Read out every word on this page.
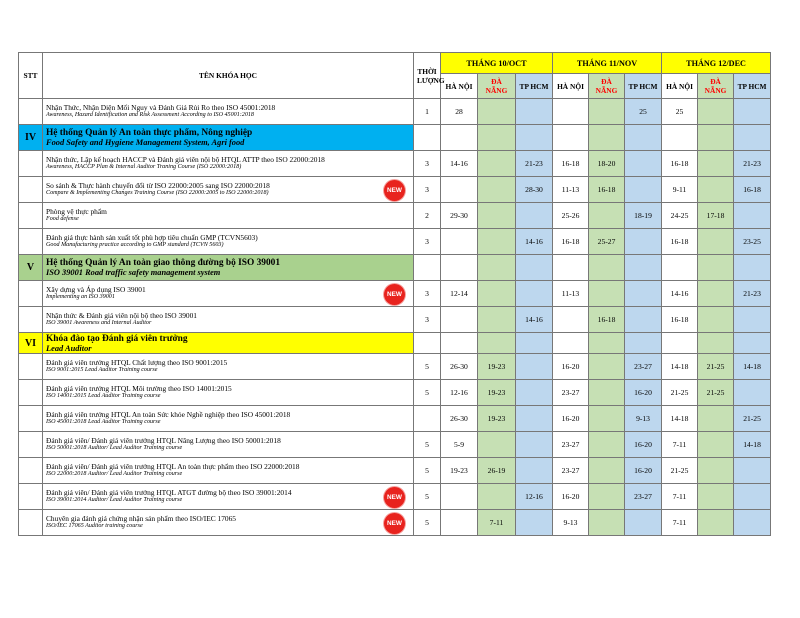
STT	TÊN KHÓA HỌC	THỜI
LƯỢNG	THÁNG 10/OCT			THÁNG 11/NOV			THÁNG 12/DEC		
			HÀ NỘI	ĐÀ NẴNG	TP HCM	HÀ NỘI	ĐÀ NẴNG	TP HCM	HÀ NỘI	ĐÀ NẴNG	TP HCM

	Nhận Thức, Nhận Diện Mối Nguy và Đánh Giá Rủi Ro theo ISO 45001:2018
Awareness, Hazard Identification and Risk Assessment According to ISO 45001:2018	1	28					25	25		
IV	Hệ thống Quản lý An toàn thực phẩm, Nông nghiệp
Food Safety and Hygiene Management System, Agri food										

	Nhận thức, Lập kế hoạch HACCP và Đánh giá viên nội bộ HTQL ATTP theo ISO 22000:2018
Awareness, HACCP Plan & Internal Auditor Traning Course (ISO 22000:2018)	3	14-16		21-23	16-18	18-20		16-18		21-23

	So sánh & Thực hành chuyển đổi từ ISO 22000:2005 sang ISO 22000:2018
Compare & Implementing Changes Training Course (ISO 22000:2005 to ISO 22000:2018) NEW	3			28-30	11-13	16-18		9-11		16-18

	Phòng vệ thực phẩm
Food defense	2	29-30			25-26		18-19	24-25	17-18	

	Đánh giá thực hành sản xuất tốt phù hợp tiêu chuẩn GMP (TCVN5603)
Good Manufacturing practice according to GMP standard (TCVN 5603)	3			14-16	16-18	25-27		16-18		23-25
V	Hệ thống Quản lý An toàn giao thông đường bộ ISO 39001
ISO 39001 Road traffic safety management system										

	Xây dựng và Áp dụng ISO 39001
Implementing an ISO 39001 NEW	3	12-14			11-13			14-16		21-23

	Nhận thức & Đánh giá viên nội bộ theo ISO 39001
ISO 39001 Awareness and Internal Auditor	3			14-16		16-18		16-18		
VI	Khóa đào tạo Đánh giá viên trưởng
Lead Auditor										

	Đánh giá viên trưởng HTQL Chất lượng theo ISO 9001:2015
ISO 9001:2015 Lead Auditor Training course	5	26-30	19-23		16-20		23-27	14-18	21-25	14-18

	Đánh giá viên trưởng HTQL Môi trường theo ISO 14001:2015
ISO 14001:2015 Lead Auditor Training course	5	12-16	19-23		23-27		16-20	21-25	21-25	

	Đánh giá viên trưởng HTQL An toàn Sức khỏe Nghề nghiệp theo ISO 45001:2018
ISO 45001:2018 Lead Auditor Training course		26-30	19-23		16-20		9-13	14-18		21-25

	Đánh giá viên/ Đánh giá viên trưởng HTQL Năng Lượng theo ISO 50001:2018
ISO 50001:2018 Auditor/ Lead Auditor Training course	5	5-9			23-27		16-20	7-11		14-18

	Đánh giá viên/ Đánh giá viên trưởng HTQL An toàn thực phẩm theo ISO 22000:2018
ISO 22000:2018 Auditor/ Lead Auditor Training course	5	19-23	26-19		23-27		16-20	21-25		

	Đánh giá viên/ Đánh giá viên trưởng HTQL ATGT đường bộ theo ISO 39001:2014
ISO 39001:2014 Auditor/ Lead Auditor Training course NEW	5			12-16	16-20		23-27	7-11		

	Chuyên gia đánh giá chứng nhận sản phẩm theo ISO/IEC 17065
ISO/IEC 17065 Auditor training course NEW	5		7-11		9-13			7-11		
